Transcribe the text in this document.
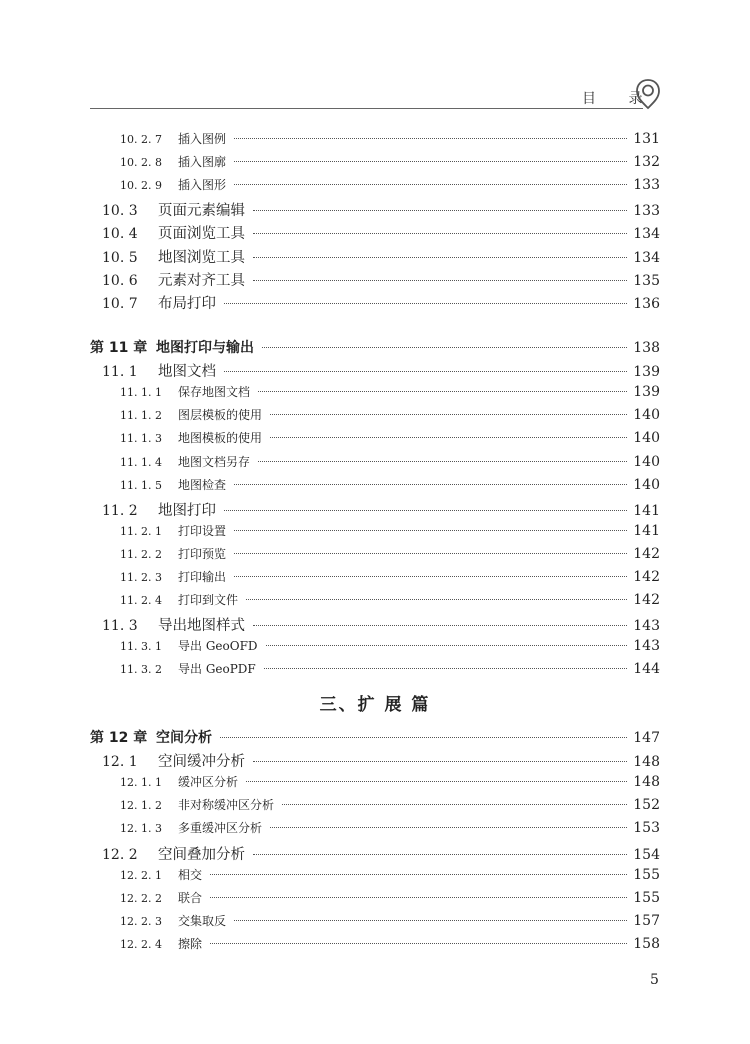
目 录
10. 2. 7	插入图例	131
10. 2. 8	插入图廓	132
10. 2. 9	插入图形	133
10. 3	页面元素编辑	133
10. 4	页面浏览工具	134
10. 5	地图浏览工具	134
10. 6	元素对齐工具	135
10. 7	布局打印	136
第 11 章 地图打印与输出	138
11. 1	地图文档	139
11. 1. 1	保存地图文档	139
11. 1. 2	图层模板的使用	140
11. 1. 3	地图模板的使用	140
11. 1. 4	地图文档另存	140
11. 1. 5	地图检查	140
11. 2	地图打印	141
11. 2. 1	打印设置	141
11. 2. 2	打印预览	142
11. 2. 3	打印输出	142
11. 2. 4	打印到文件	142
11. 3	导出地图样式	143
11. 3. 1	导出 GeoOFD	143
11. 3. 2	导出 GeoPDF	144
第 12 章 空间分析	147
12. 1	空间缓冲分析	148
12. 1. 1	缓冲区分析	148
12. 1. 2	非对称缓冲区分析	152
12. 1. 3	多重缓冲区分析	153
12. 2	空间叠加分析	154
12. 2. 1	相交	155
12. 2. 2	联合	155
12. 2. 3	交集取反	157
12. 2. 4	擦除	158
三、扩 展 篇
5
